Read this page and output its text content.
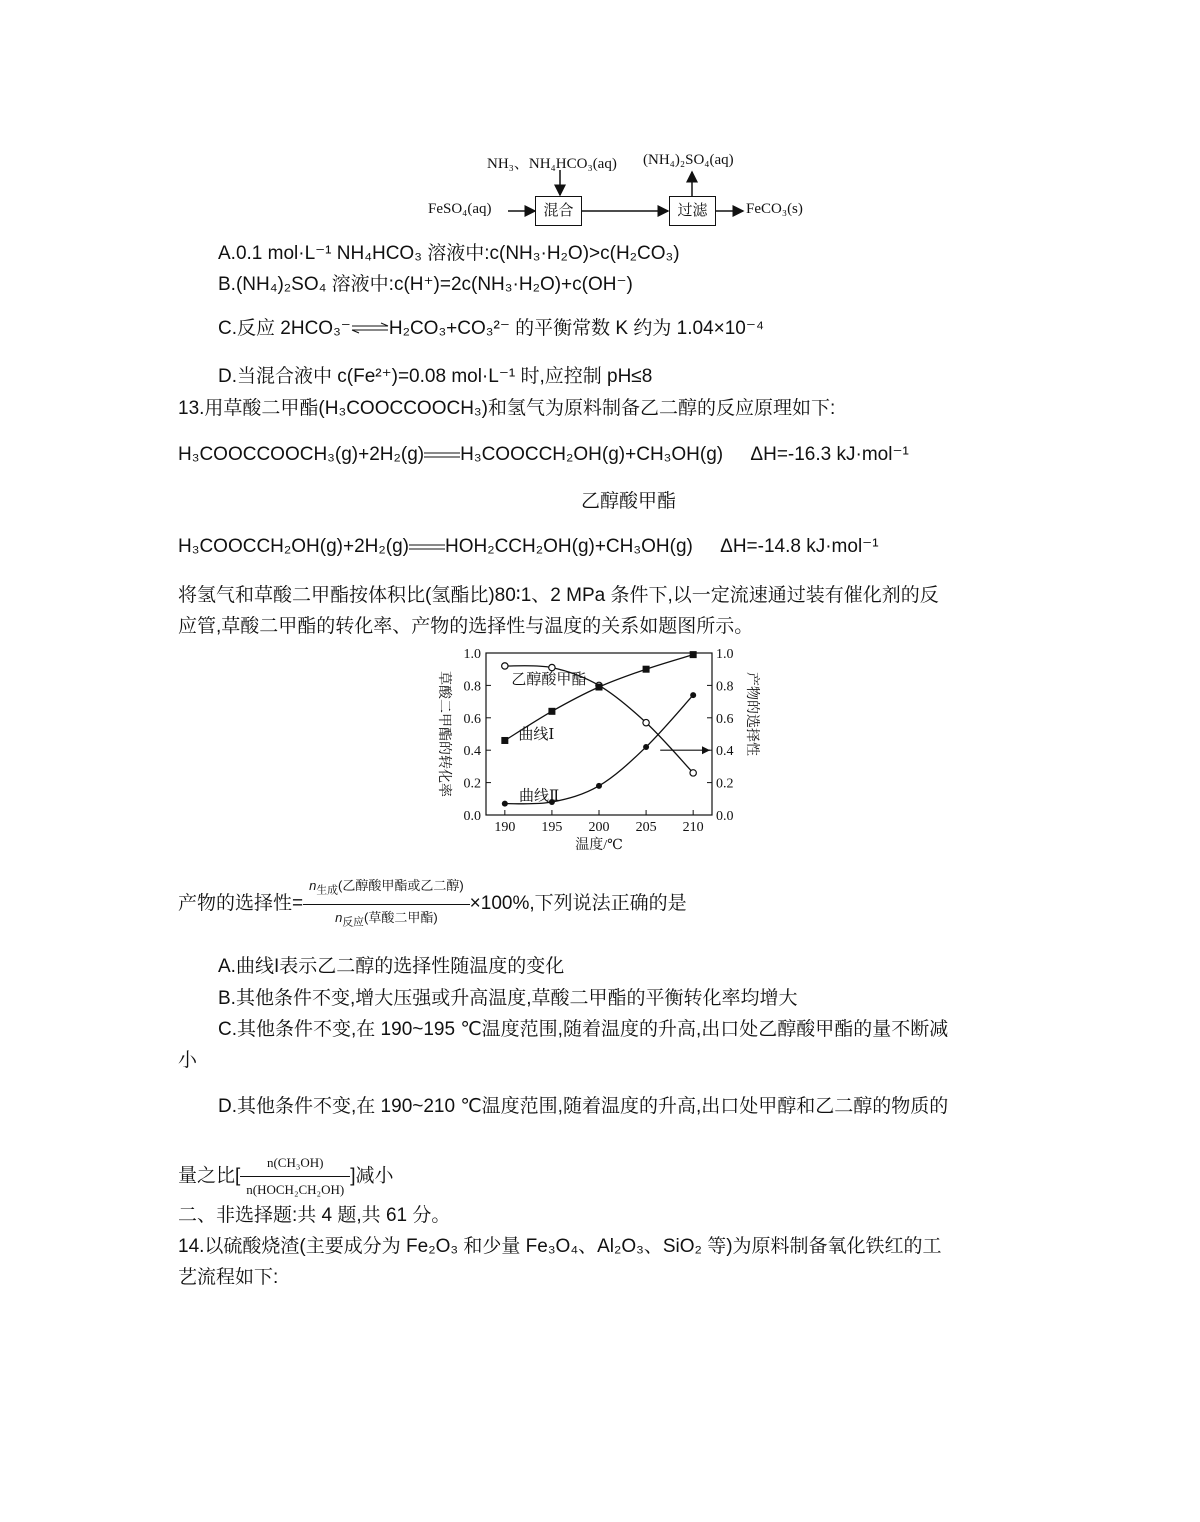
NH₃、NH₄HCO₃(aq) (NH₄)₂SO₄(aq)
FeSO₄(aq)	混合	过滤	FeCO₃(s)
A.0.1 mol·L⁻¹ NH₄HCO₃ 溶液中:c(NH₃·H₂O)>c(H₂CO₃)
B.(NH₄)₂SO₄ 溶液中:c(H⁺)=2c(NH₃·H₂O)+c(OH⁻)
C.反应 2HCO₃⁻⇌H₂CO₃+CO₃²⁻ 的平衡常数 K 约为 1.04×10⁻⁴
D.当混合液中 c(Fe²⁺)=0.08 mol·L⁻¹ 时,应控制 pH≤8
13.用草酸二甲酯(H₃COOCCOOCH₃)和氢气为原料制备乙二醇的反应原理如下:
H₃COOCCOOCH₃(g)+2H₂(g) H₃COOCCH₂OH(g)+CH₃OH(g) ΔH=-16.3 kJ·mol⁻¹
乙醇酸甲酯
H₃COOCCH₂OH(g)+2H₂(g) HOH₂CCH₂OH(g)+CH₃OH(g) ΔH=-14.8 kJ·mol⁻¹
将氢气和草酸二甲酯按体积比(氢酯比)80∶1、2 MPa 条件下,以一定流速通过装有催化剂的反
应管,草酸二甲酯的转化率、产物的选择性与温度的关系如题图所示。
0.0	0.0
0.2	0.2
0.4	0.4
0.6	0.6
0.8	0.8
1.0	1.0
190 195 200 205 210
温度/℃
草酸二甲酯的转化率	产物的选择性
乙醇酸甲酯
曲线Ⅰ
曲线Ⅱ
产物的选择性= $\frac{n_{生成}(乙醇酸甲酯或乙二醇)}{n_{反应}(草酸二甲酯)} \times 100\%$,下列说法正确的是
A.曲线I表示乙二醇的选择性随温度的变化
B.其他条件不变,增大压强或升高温度,草酸二甲酯的平衡转化率均增大
C.其他条件不变,在 190~195 ℃温度范围,随着温度的升高,出口处乙醇酸甲酯的量不断减
小
D.其他条件不变,在 190~210 ℃温度范围,随着温度的升高,出口处甲醇和乙二醇的物质的
量之比[ $\frac{\text{n(CH₃OH)}}{\text{n(HOCH₂CH₂OH)}}$ ]减小
二、非选择题:共 4 题,共 61 分。
14.以硫酸烧渣(主要成分为 Fe₂O₃ 和少量 Fe₃O₄、Al₂O₃、SiO₂ 等)为原料制备氧化铁红的工
艺流程如下:
